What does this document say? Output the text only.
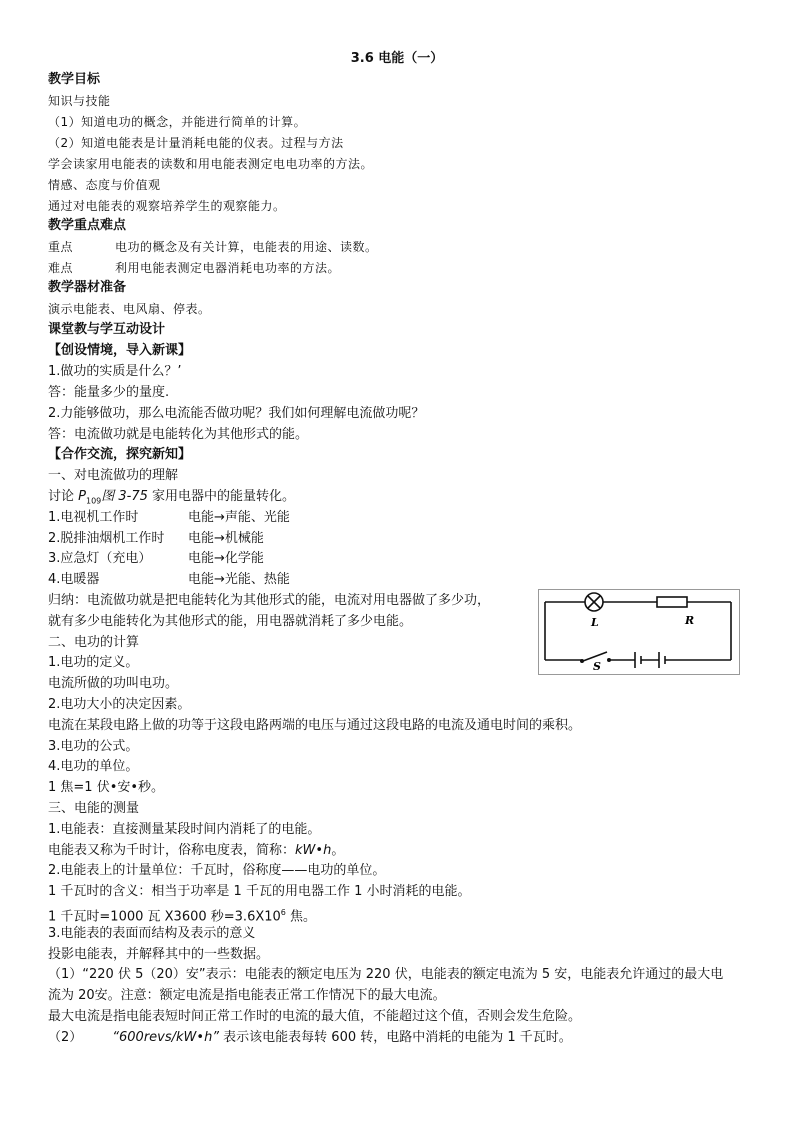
3.6 电能（一）
教学目标
知识与技能
（1）知道电功的概念，并能进行简单的计算。
（2）知道电能表是计量消耗电能的仪表。过程与方法
学会读家用电能表的读数和用电能表测定电电功率的方法。
情感、态度与价值观
通过对电能表的观察培养学生的观察能力。
教学重点难点
重点	电功的概念及有关计算，电能表的用途、读数。
难点	利用电能表测定电器消耗电功率的方法。
教学器材准备
演示电能表、电风扇、停表。
课堂教与学互动设计
【创设情境，导入新课】
1.做功的实质是什么？’
答：能量多少的量度.
2.力能够做功，那么电流能否做功呢？我们如何理解电流做功呢？
答：电流做功就是电能转化为其他形式的能。
【合作交流，探究新知】
一、对电流做功的理解
讨论 $P_{109}$图 3-75 家用电器中的能量转化。
1.电视机工作时	电能→声能、光能
2.脱排油烟机工作时 电能→机械能
3.应急灯（充电）	电能→化学能
4.电暖器	电能→光能、热能
归纳：电流做功就是把电能转化为其他形式的能，电流对用电器做了多少功，
就有多少电能转化为其他形式的能，用电器就消耗了多少电能。	L	R
S
二、电功的计算
1.电功的定义。
电流所做的功叫电功。
2.电功大小的决定因素。
电流在某段电路上做的功等于这段电路两端的电压与通过这段电路的电流及通电时间的乘积。
3.电功的公式。
4.电功的单位。
1 焦=1 伏•安•秒。
三、电能的测量
1.电能表：直接测量某段时间内消耗了的电能。
电能表又称为千时计，俗称电度表，简称：kW•h。
2.电能表上的计量单位：千瓦时，俗称度——电功的单位。
1 千瓦时的含义：相当于功率是 1 千瓦的用电器工作 1 小时消耗的电能。
1 千瓦时=1000 瓦 X3600 秒$=3.6X10^6$ 焦。
3.电能表的表面而结构及表示的意义
投影电能表，并解释其中的一些数据。
（1）“220 伏 5（20）安”表示：电能表的额定电压为 220 伏，电能表的额定电流为 5 安，电能表允许通过的最大电
流为 20安。注意：额定电流是指电能表正常工作情况下的最大电流。
最大电流是指电能表短时间正常工作时的电流的最大值，不能超过这个值，否则会发生危险。
（2） “600revs/kW•h” 表示该电能表每转 600 转，电路中消耗的电能为 1 千瓦时。
